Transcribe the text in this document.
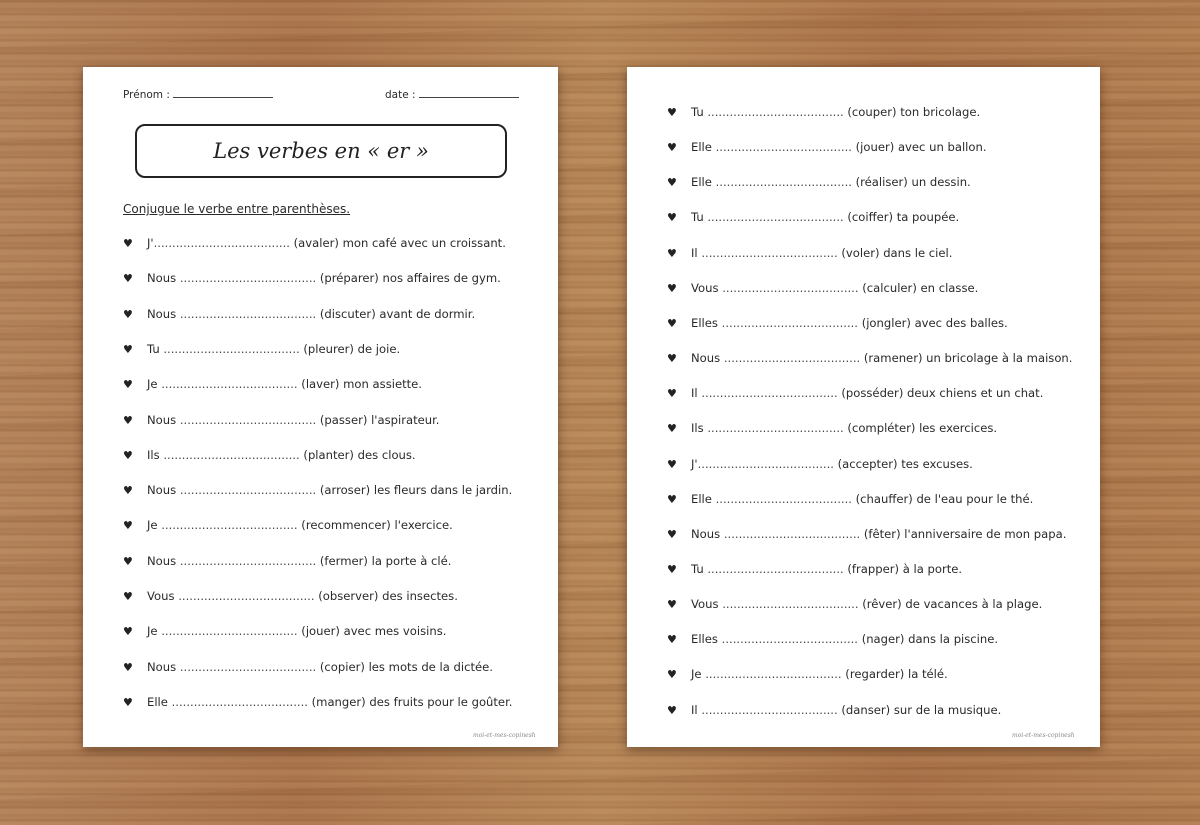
Prénom :	date :
Les verbes en « er »
Conjugue le verbe entre parenthèses.
♥ J'..................................... (avaler) mon café avec un croissant.
♥ Nous ..................................... (préparer) nos affaires de gym.
♥ Nous ..................................... (discuter) avant de dormir.
♥ Tu ..................................... (pleurer) de joie.
♥ Je ..................................... (laver) mon assiette.
♥ Nous ..................................... (passer) l'aspirateur.
♥ Ils ..................................... (planter) des clous.
♥ Nous ..................................... (arroser) les fleurs dans le jardin.
♥ Je ..................................... (recommencer) l'exercice.
♥ Nous ..................................... (fermer) la porte à clé.
♥ Vous ..................................... (observer) des insectes.
♥ Je ..................................... (jouer) avec mes voisins.
♥ Nous ..................................... (copier) les mots de la dictée.
♥ Elle ..................................... (manger) des fruits pour le goûter.
moi-et-mes-copinesh
♥ Tu ..................................... (couper) ton bricolage.
♥ Elle ..................................... (jouer) avec un ballon.
♥ Elle ..................................... (réaliser) un dessin.
♥ Tu ..................................... (coiffer) ta poupée.
♥ Il ..................................... (voler) dans le ciel.
♥ Vous ..................................... (calculer) en classe.
♥ Elles ..................................... (jongler) avec des balles.
♥ Nous ..................................... (ramener) un bricolage à la maison.
♥ Il ..................................... (posséder) deux chiens et un chat.
♥ Ils ..................................... (compléter) les exercices.
♥ J'..................................... (accepter) tes excuses.
♥ Elle ..................................... (chauffer) de l'eau pour le thé.
♥ Nous ..................................... (fêter) l'anniversaire de mon papa.
♥ Tu ..................................... (frapper) à la porte.
♥ Vous ..................................... (rêver) de vacances à la plage.
♥ Elles ..................................... (nager) dans la piscine.
♥ Je ..................................... (regarder) la télé.
♥ Il ..................................... (danser) sur de la musique.
moi-et-mes-copinesh
